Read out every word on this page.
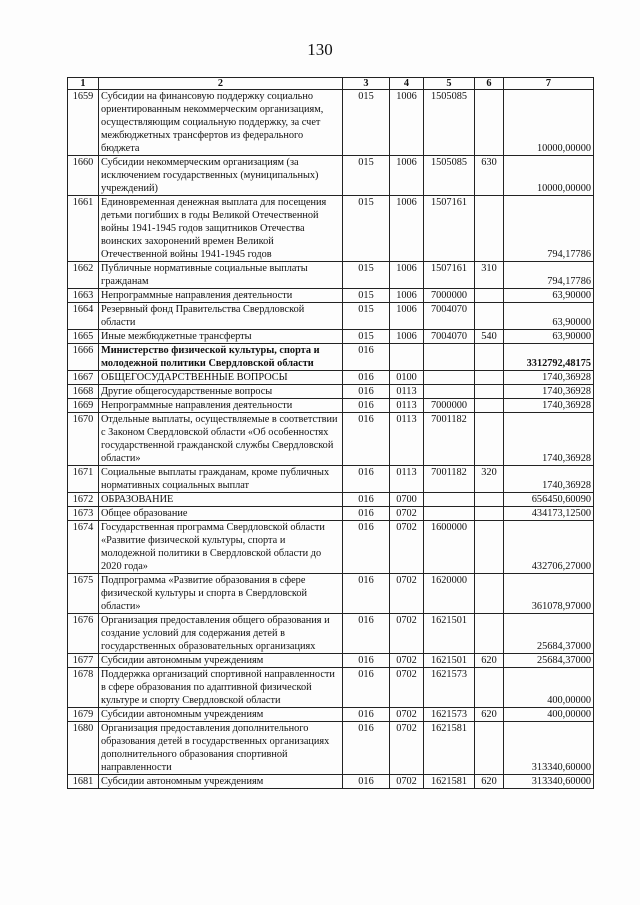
130
1	2	3	4	5	6	7
1659	Субсидии на финансовую поддержку социально ориентированным некоммерческим организациям, осуществляющим социальную поддержку, за счет межбюджетных трансфертов из федерального бюджета	015	1006	1505085		10000,00000
1660	Субсидии некоммерческим организациям (за исключением государственных (муниципальных) учреждений)	015	1006	1505085	630	10000,00000
1661	Единовременная денежная выплата для посещения детьми погибших в годы Великой Отечественной войны 1941-1945 годов защитников Отечества воинских захоронений времен Великой Отечественной войны 1941-1945 годов	015	1006	1507161		794,17786
1662	Публичные нормативные социальные выплаты гражданам	015	1006	1507161	310	794,17786
1663	Непрограммные направления деятельности	015	1006	7000000		63,90000
1664	Резервный фонд Правительства Свердловской области	015	1006	7004070		63,90000
1665	Иные межбюджетные трансферты	015	1006	7004070	540	63,90000
1666	Министерство физической культуры, спорта и молодежной политики Свердловской области	016				3312792,48175
1667	ОБЩЕГОСУДАРСТВЕННЫЕ ВОПРОСЫ	016	0100			1740,36928
1668	Другие общегосударственные вопросы	016	0113			1740,36928
1669	Непрограммные направления деятельности	016	0113	7000000		1740,36928
1670	Отдельные выплаты, осуществляемые в соответствии с Законом Свердловской области «Об особенностях государственной гражданской службы Свердловской области»	016	0113	7001182		1740,36928
1671	Социальные выплаты гражданам, кроме публичных нормативных социальных выплат	016	0113	7001182	320	1740,36928
1672	ОБРАЗОВАНИЕ	016	0700			656450,60090
1673	Общее образование	016	0702			434173,12500
1674	Государственная программа Свердловской области «Развитие физической культуры, спорта и молодежной политики в Свердловской области до 2020 года»	016	0702	1600000		432706,27000
1675	Подпрограмма «Развитие образования в сфере физической культуры и спорта в Свердловской области»	016	0702	1620000		361078,97000
1676	Организация предоставления общего образования и создание условий для содержания детей в государственных образовательных организациях	016	0702	1621501		25684,37000
1677	Субсидии автономным учреждениям	016	0702	1621501	620	25684,37000
1678	Поддержка организаций спортивной направленности в сфере образования по адаптивной физической культуре и спорту Свердловской области	016	0702	1621573		400,00000
1679	Субсидии автономным учреждениям	016	0702	1621573	620	400,00000
1680	Организация предоставления дополнительного образования детей в государственных организациях дополнительного образования спортивной направленности	016	0702	1621581		313340,60000
1681	Субсидии автономным учреждениям	016	0702	1621581	620	313340,60000
